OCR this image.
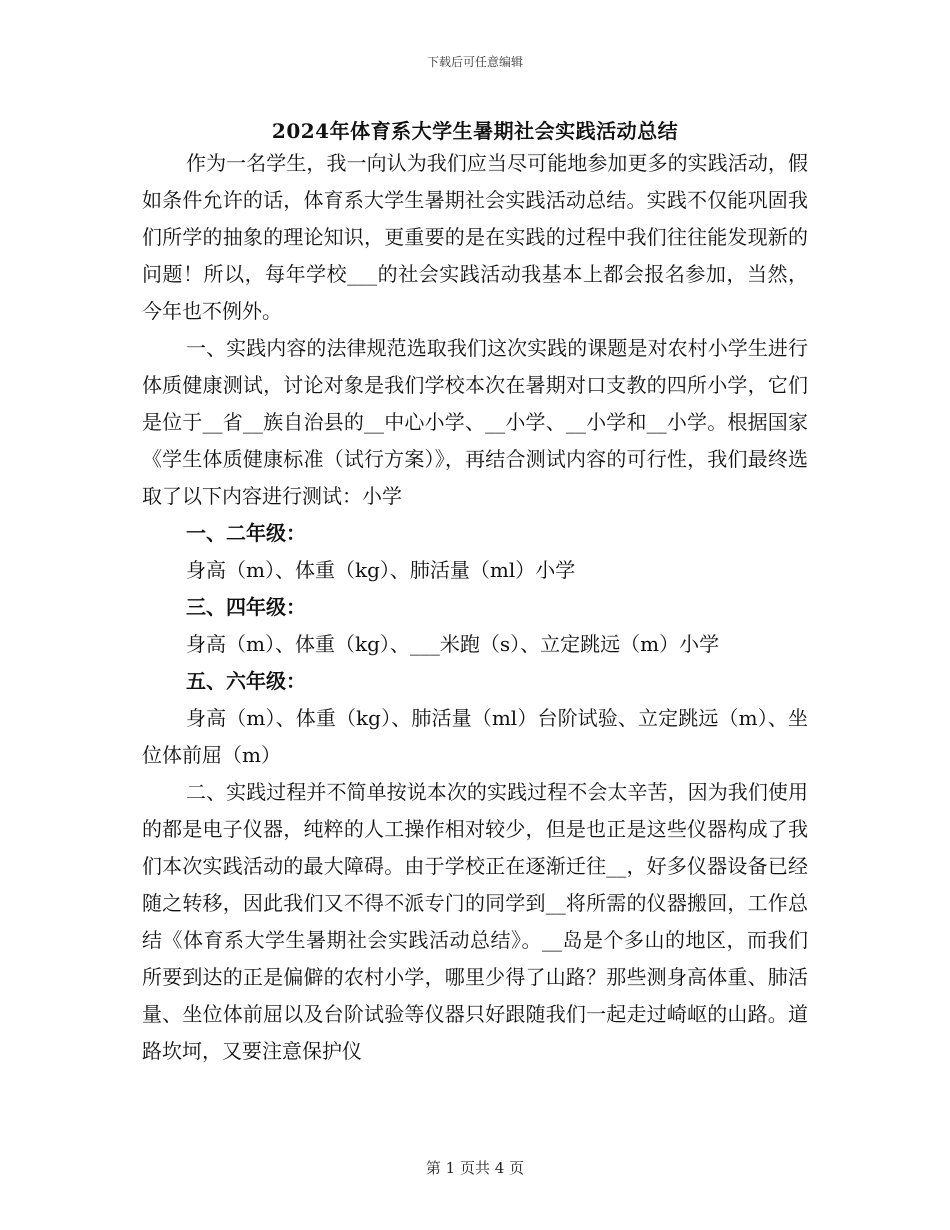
下载后可任意编辑
2024年体育系大学生暑期社会实践活动总结

作为一名学生，我一向认为我们应当尽可能地参加更多的实践活动，假如条件允许的话，体育系大学生暑期社会实践活动总结。实践不仅能巩固我们所学的抽象的理论知识，更重要的是在实践的过程中我们往往能发现新的问题！所以，每年学校___的社会实践活动我基本上都会报名参加，当然，今年也不例外。

一、实践内容的法律规范选取我们这次实践的课题是对农村小学生进行体质健康测试，讨论对象是我们学校本次在暑期对口支教的四所小学，它们是位于__省__族自治县的__中心小学、__小学、__小学和__小学。根据国家《学生体质健康标准（试行方案）》，再结合测试内容的可行性，我们最终选取了以下内容进行测试：小学

一、二年级：

身高（m）、体重（kg）、肺活量（ml）小学

三、四年级：

身高（m）、体重（kg）、___米跑（s）、立定跳远（m）小学

五、六年级：

身高（m）、体重（kg）、肺活量（ml）台阶试验、立定跳远（m）、坐位体前屈（m）

二、实践过程并不简单按说本次的实践过程不会太辛苦，因为我们使用的都是电子仪器，纯粹的人工操作相对较少，但是也正是这些仪器构成了我们本次实践活动的最大障碍。由于学校正在逐渐迁往__，好多仪器设备已经随之转移，因此我们又不得不派专门的同学到__将所需的仪器搬回，工作总结《体育系大学生暑期社会实践活动总结》。__岛是个多山的地区，而我们所要到达的正是偏僻的农村小学，哪里少得了山路？那些测身高体重、肺活量、坐位体前屈以及台阶试验等仪器只好跟随我们一起走过崎岖的山路。道路坎坷，又要注意保护仪

第 1 页共 4 页
